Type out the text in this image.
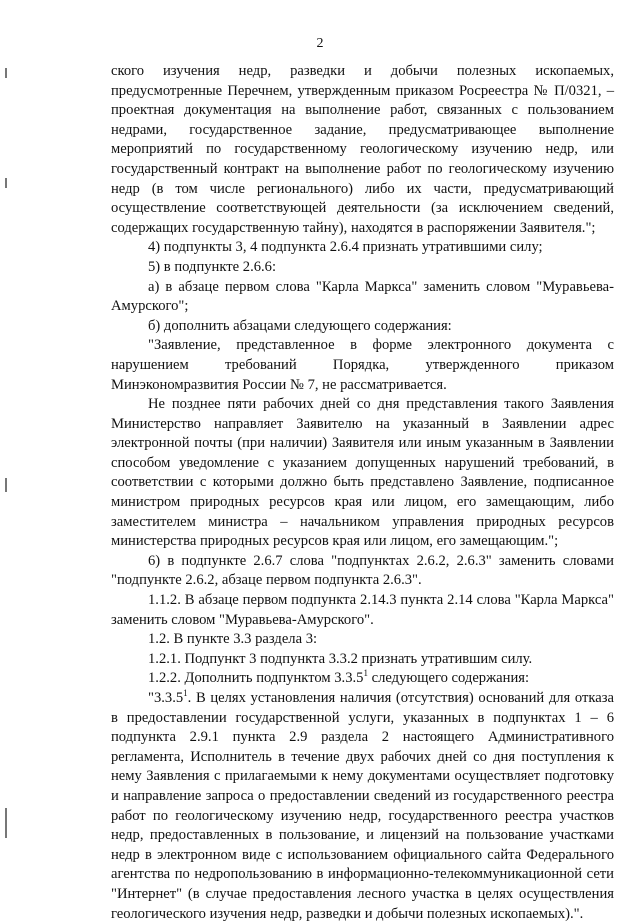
2

ского изучения недр, разведки и добычи полезных ископаемых, предусмотренные Перечнем, утвержденным приказом Росреестра № П/0321, – проектная документация на выполнение работ, связанных с пользованием недрами, государственное задание, предусматривающее выполнение мероприятий по государственному геологическому изучению недр, или государственный контракт на выполнение работ по геологическому изучению недр (в том числе регионального) либо их части, предусматривающий осуществление соответствующей деятельности (за исключением сведений, содержащих государственную тайну), находятся в распоряжении Заявителя.";

4) подпункты 3, 4 подпункта 2.6.4 признать утратившими силу;

5) в подпункте 2.6.6:

а) в абзаце первом слова "Карла Маркса" заменить словом "Муравьева-Амурского";

б) дополнить абзацами следующего содержания:

"Заявление, представленное в форме электронного документа с нарушением требований Порядка, утвержденного приказом Минэкономразвития России № 7, не рассматривается.

Не позднее пяти рабочих дней со дня представления такого Заявления Министерство направляет Заявителю на указанный в Заявлении адрес электронной почты (при наличии) Заявителя или иным указанным в Заявлении способом уведомление с указанием допущенных нарушений требований, в соответствии с которыми должно быть представлено Заявление, подписанное министром природных ресурсов края или лицом, его замещающим, либо заместителем министра – начальником управления природных ресурсов министерства природных ресурсов края или лицом, его замещающим.";

6) в подпункте 2.6.7 слова "подпунктах 2.6.2, 2.6.3" заменить словами "подпункте 2.6.2, абзаце первом подпункта 2.6.3".

1.1.2. В абзаце первом подпункта 2.14.3 пункта 2.14 слова "Карла Маркса" заменить словом "Муравьева-Амурского".

1.2. В пункте 3.3 раздела 3:

1.2.1. Подпункт 3 подпункта 3.3.2 признать утратившим силу.

1.2.2. Дополнить подпунктом 3.3.5$^1$ следующего содержания:

"3.3.5$^1$. В целях установления наличия (отсутствия) оснований для отказа в предоставлении государственной услуги, указанных в подпунктах 1 – 6 подпункта 2.9.1 пункта 2.9 раздела 2 настоящего Административного регламента, Исполнитель в течение двух рабочих дней со дня поступления к нему Заявления с прилагаемыми к нему документами осуществляет подготовку и направление запроса о предоставлении сведений из государственного реестра работ по геологическому изучению недр, государственного реестра участков недр, предоставленных в пользование, и лицензий на пользование участками недр в электронном виде с использованием официального сайта Федерального агентства по недропользованию в информационно-телекоммуникационной сети "Интернет" (в случае предоставления лесного участка в целях осуществления геологического изучения недр, разведки и добычи полезных ископаемых).".
